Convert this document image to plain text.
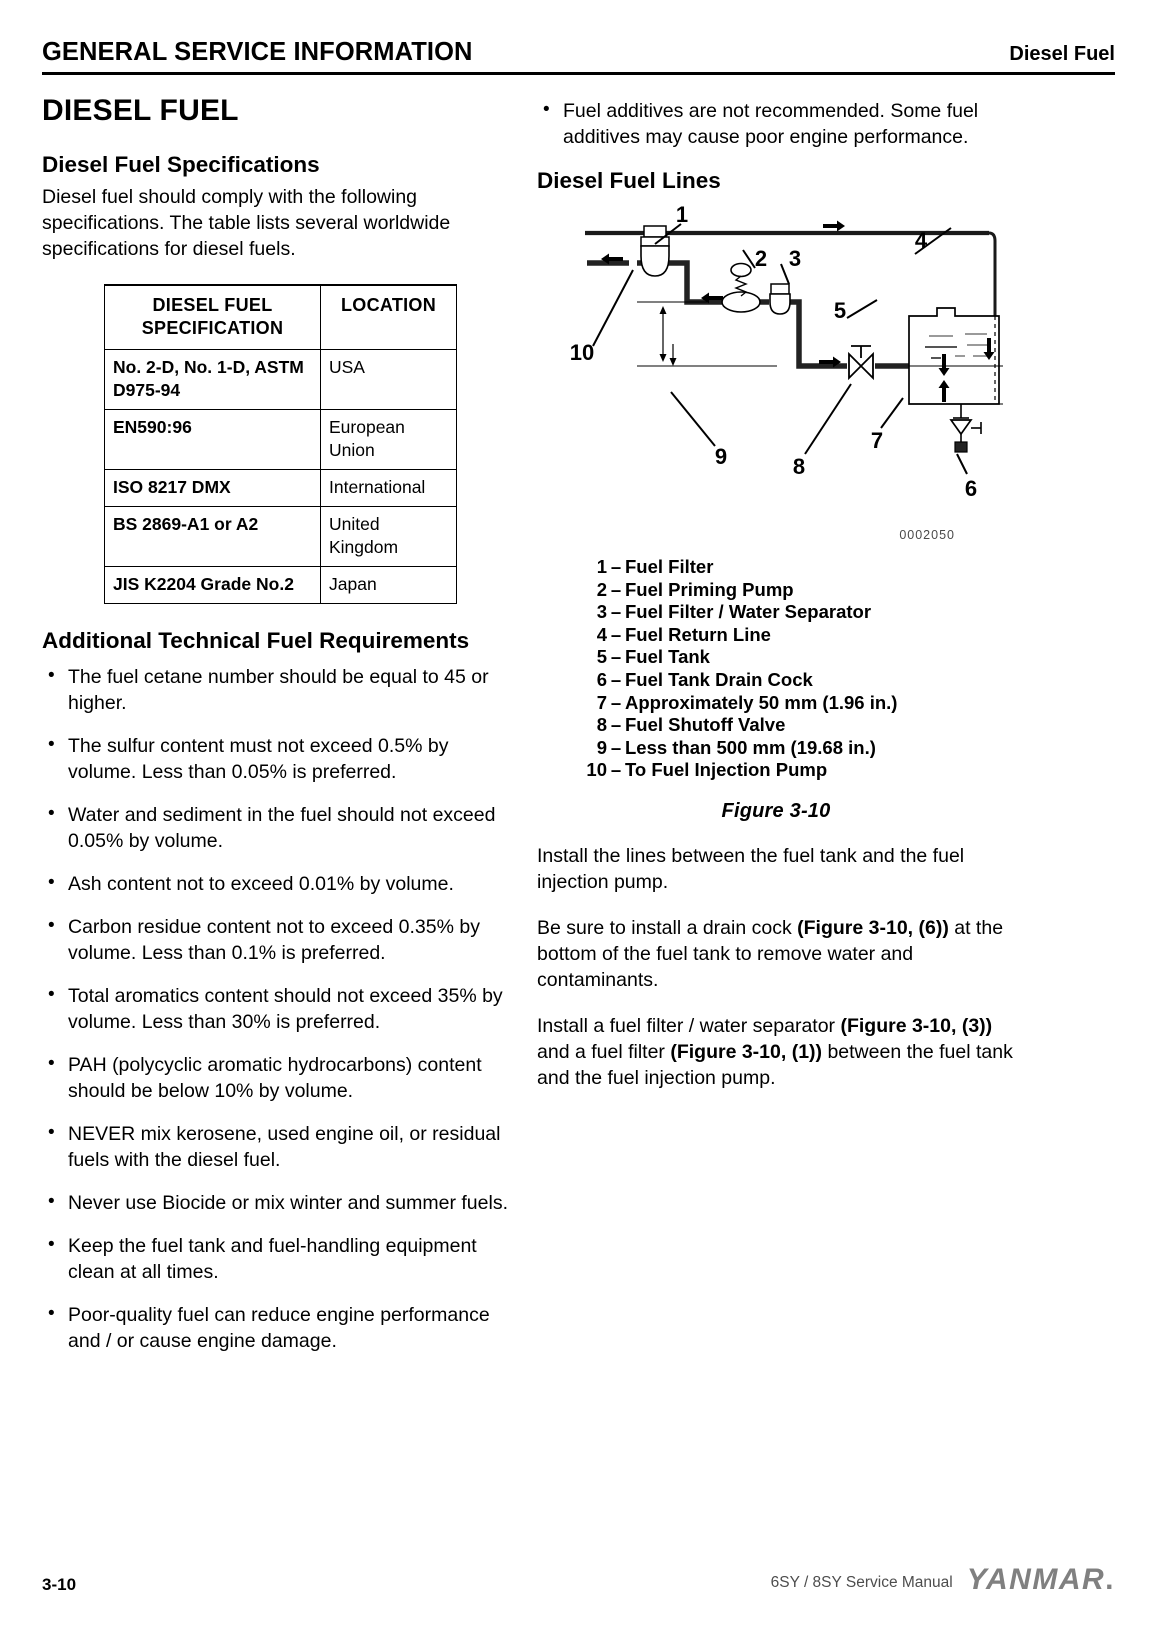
GENERAL SERVICE INFORMATION	Diesel Fuel
DIESEL FUEL
Diesel Fuel Specifications

Diesel fuel should comply with the following specifications. The table lists several worldwide specifications for diesel fuels.

DIESEL FUEL
SPECIFICATION	LOCATION
No. 2-D, No. 1-D, ASTM D975-94	USA
EN590:96	European Union
ISO 8217 DMX	International
BS 2869-A1 or A2	United Kingdom
JIS K2204 Grade No.2	Japan
Additional Technical Fuel Requirements
• The fuel cetane number should be equal to 45 or higher.
• The sulfur content must not exceed 0.5% by volume. Less than 0.05% is preferred.
• Water and sediment in the fuel should not exceed 0.05% by volume.
• Ash content not to exceed 0.01% by volume.
• Carbon residue content not to exceed 0.35% by volume. Less than 0.1% is preferred.
• Total aromatics content should not exceed 35% by volume. Less than 30% is preferred.
• PAH (polycyclic aromatic hydrocarbons) content should be below 10% by volume.
• NEVER mix kerosene, used engine oil, or residual fuels with the diesel fuel.
• Never use Biocide or mix winter and summer fuels.
• Keep the fuel tank and fuel-handling equipment clean at all times.
• Poor-quality fuel can reduce engine performance and / or cause engine damage.
• Fuel additives are not recommended. Some fuel additives may cause poor engine performance.
Diesel Fuel Lines
1
2 3
4
5
6
7
8
9
10
0002050
1 – Fuel Filter
2 – Fuel Priming Pump
3 – Fuel Filter / Water Separator
4 – Fuel Return Line
5 – Fuel Tank
6 – Fuel Tank Drain Cock
7 – Approximately 50 mm (1.96 in.)
8 – Fuel Shutoff Valve
9 – Less than 500 mm (19.68 in.)
10 – To Fuel Injection Pump
Figure 3-10

Install the lines between the fuel tank and the fuel injection pump.

Be sure to install a drain cock (Figure 3-10, (6)) at the bottom of the fuel tank to remove water and contaminants.

Install a fuel filter / water separator (Figure 3-10, (3)) and a fuel filter (Figure 3-10, (1)) between the fuel tank and the fuel injection pump.

3-10	6SY / 8SY Service Manual YANMAR.
